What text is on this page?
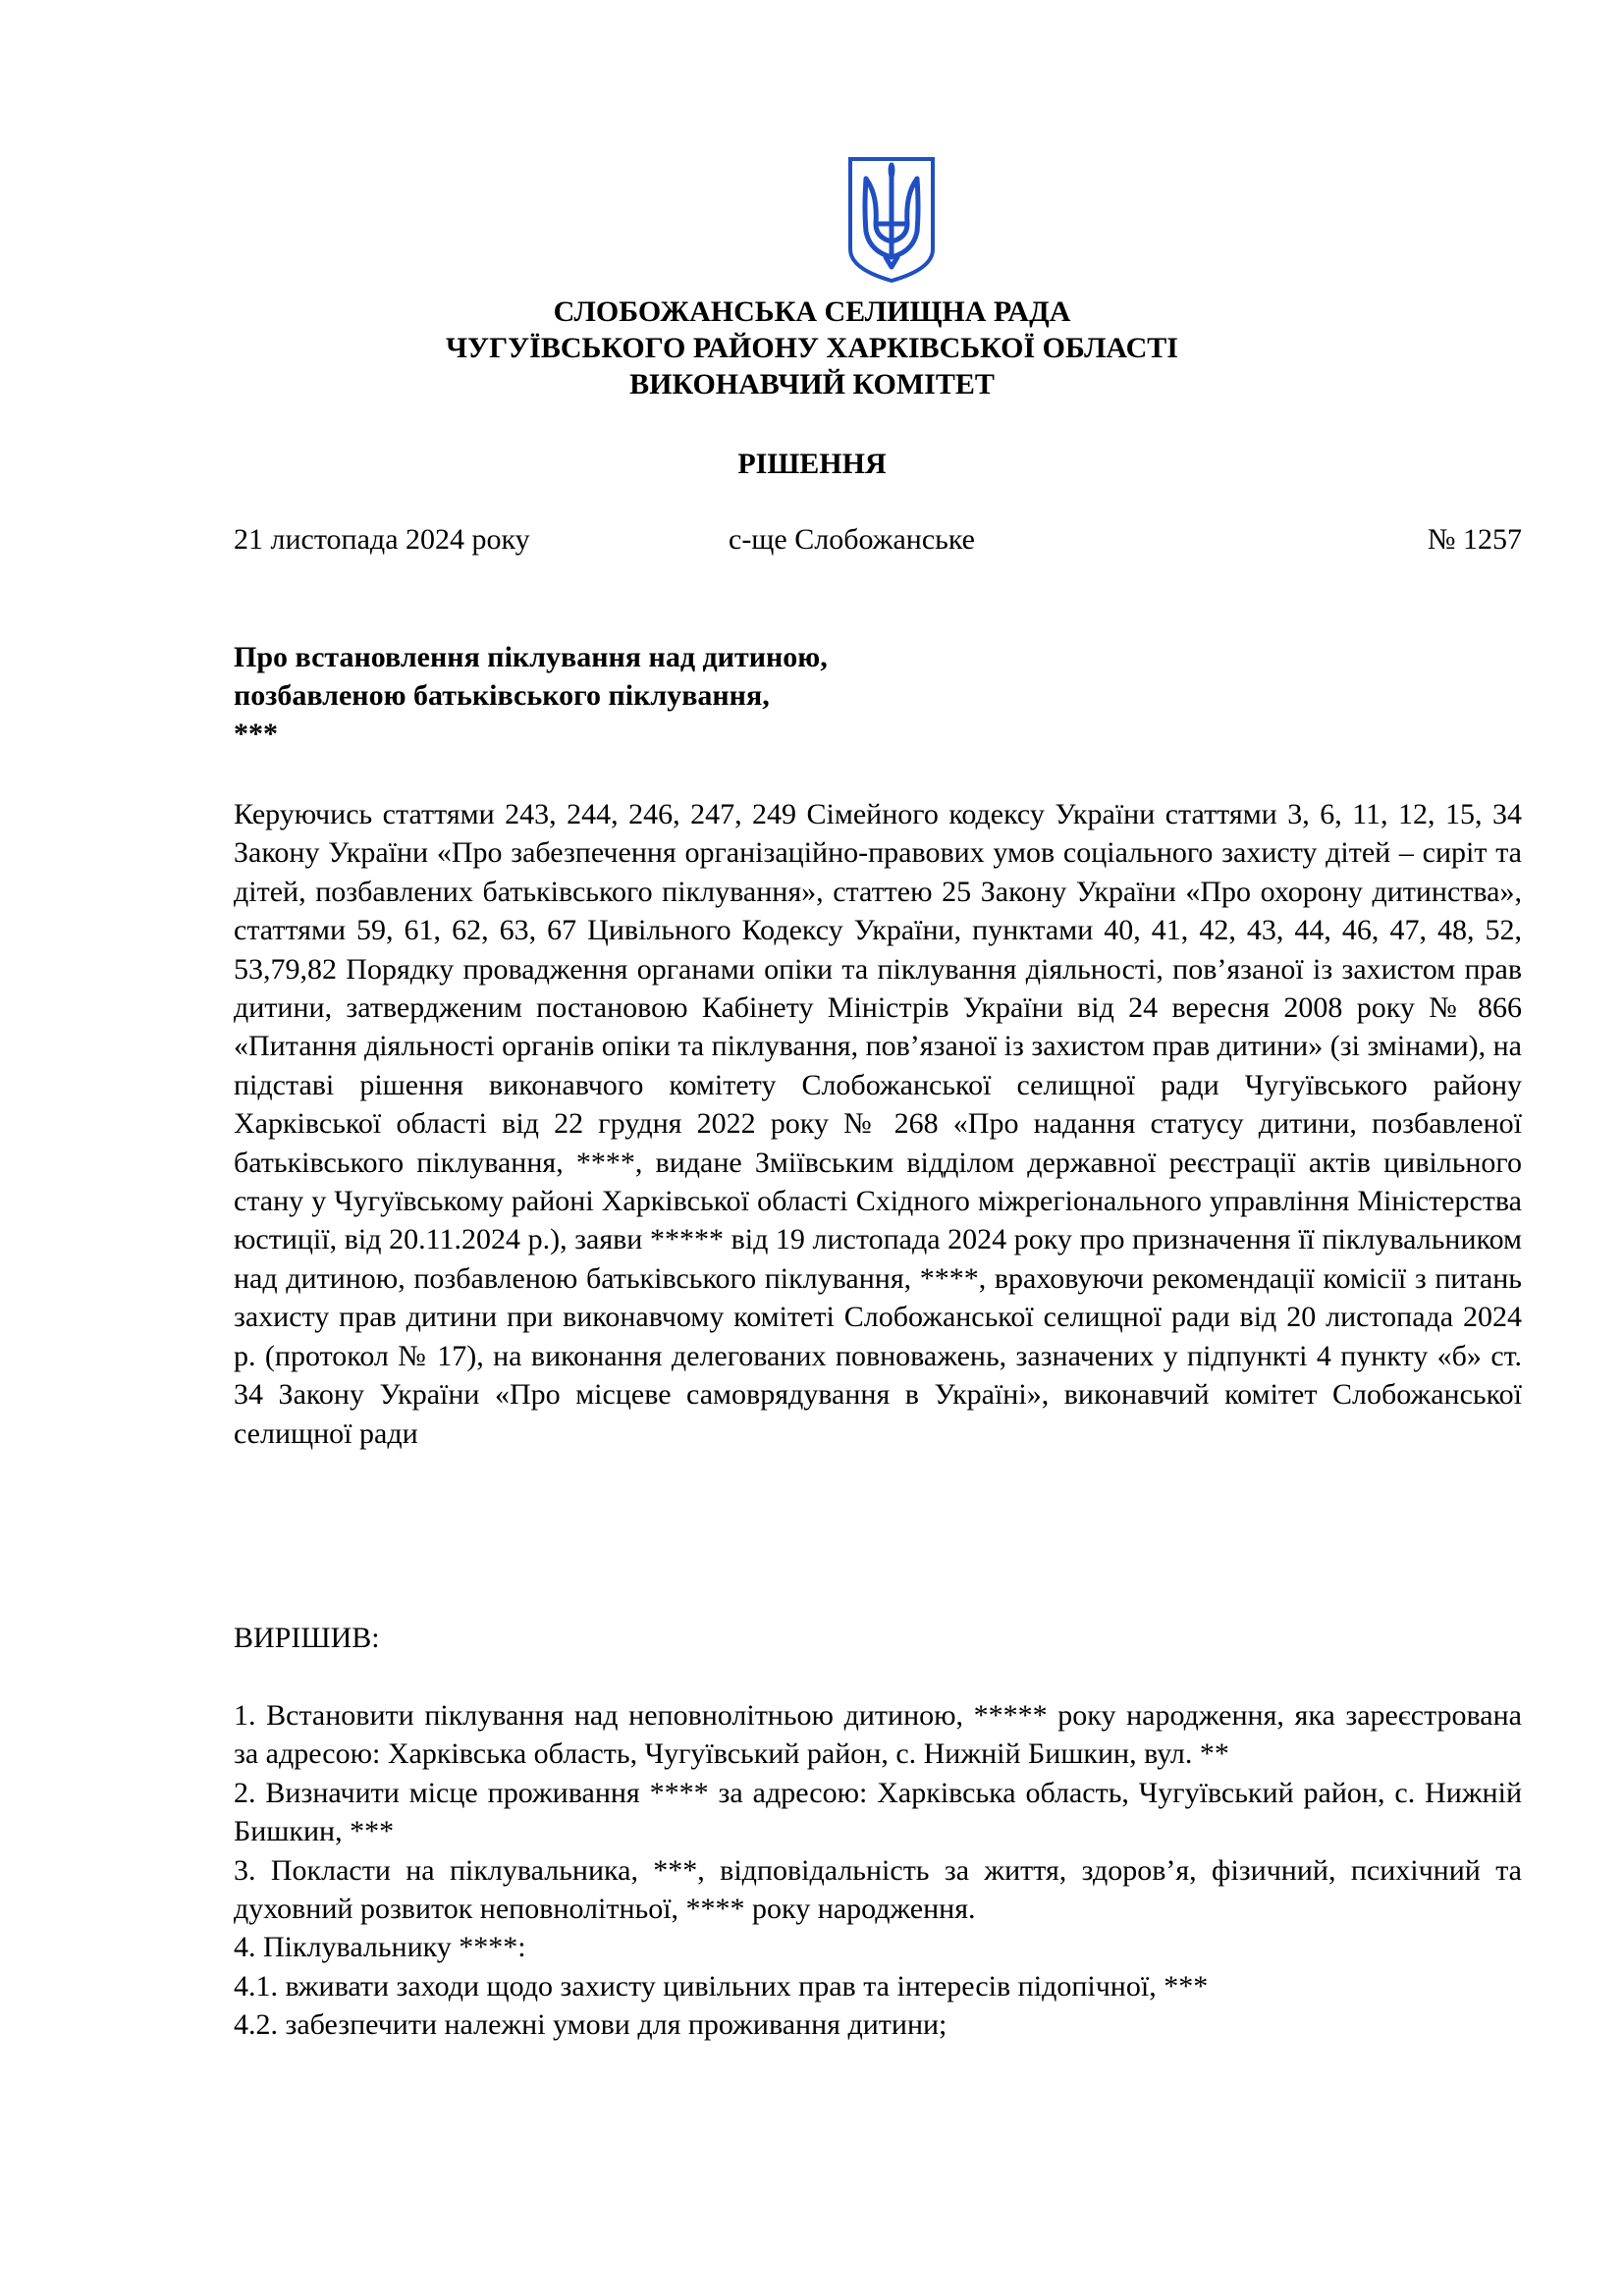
СЛОБОЖАНСЬКА СЕЛИЩНА РАДА
ЧУГУЇВСЬКОГО РАЙОНУ ХАРКІВСЬКОЇ ОБЛАСТІ
ВИКОНАВЧИЙ КОМІТЕТ
РІШЕННЯ
21 листопада 2024 року	с-ще Слобожанське	№ 1257
Про встановлення піклування над дитиною,
позбавленою батьківського піклування,
***
Керуючись статтями 243, 244, 246, 247, 249 Сімейного кодексу України статтями 3, 6, 11, 12, 15, 34 Закону України «Про забезпечення організаційно-правових умов соціального захисту дітей – сиріт та дітей, позбавлених батьківського піклування», статтею 25 Закону України «Про охорону дитинства», статтями 59, 61, 62, 63, 67 Цивільного Кодексу України, пунктами 40, 41, 42, 43, 44, 46, 47, 48, 52, 53,79,82 Порядку провадження органами опіки та піклування діяльності, пов’язаної із захистом прав дитини, затвердженим постановою Кабінету Міністрів України від 24 вересня 2008 року № 866 «Питання діяльності органів опіки та піклування, пов’язаної із захистом прав дитини» (зі змінами), на підставі рішення виконавчого комітету Слобожанської селищної ради Чугуївського району Харківської області від 22 грудня 2022 року № 268 «Про надання статусу дитини, позбавленої батьківського піклування, ****, видане Зміївським відділом державної реєстрації актів цивільного стану у Чугуївському районі Харківської області Східного міжрегіонального управління Міністерства юстиції, від 20.11.2024 р.), заяви ***** від 19 листопада 2024 року про призначення її піклувальником над дитиною, позбавленою батьківського піклування, ****, враховуючи рекомендації комісії з питань захисту прав дитини при виконавчому комітеті Слобожанської селищної ради від 20 листопада 2024 р. (протокол № 17), на виконання делегованих повноважень, зазначених у підпункті 4 пункту «б» ст. 34 Закону України «Про місцеве самоврядування в Україні», виконавчий комітет Слобожанської селищної ради
ВИРІШИВ:

1. Встановити піклування над неповнолітньою дитиною, ***** року народження, яка зареєстрована за адресою: Харківська область, Чугуївський район, с. Нижній Бишкин, вул. **

2. Визначити місце проживання **** за адресою: Харківська область, Чугуївський район, с. Нижній Бишкин, ***

3. Покласти на піклувальника, ***, відповідальність за життя, здоров’я, фізичний, психічний та духовний розвиток неповнолітньої, **** року народження.

4. Піклувальнику ****:

4.1. вживати заходи щодо захисту цивільних прав та інтересів підопічної, ***

4.2. забезпечити належні умови для проживання дитини;
